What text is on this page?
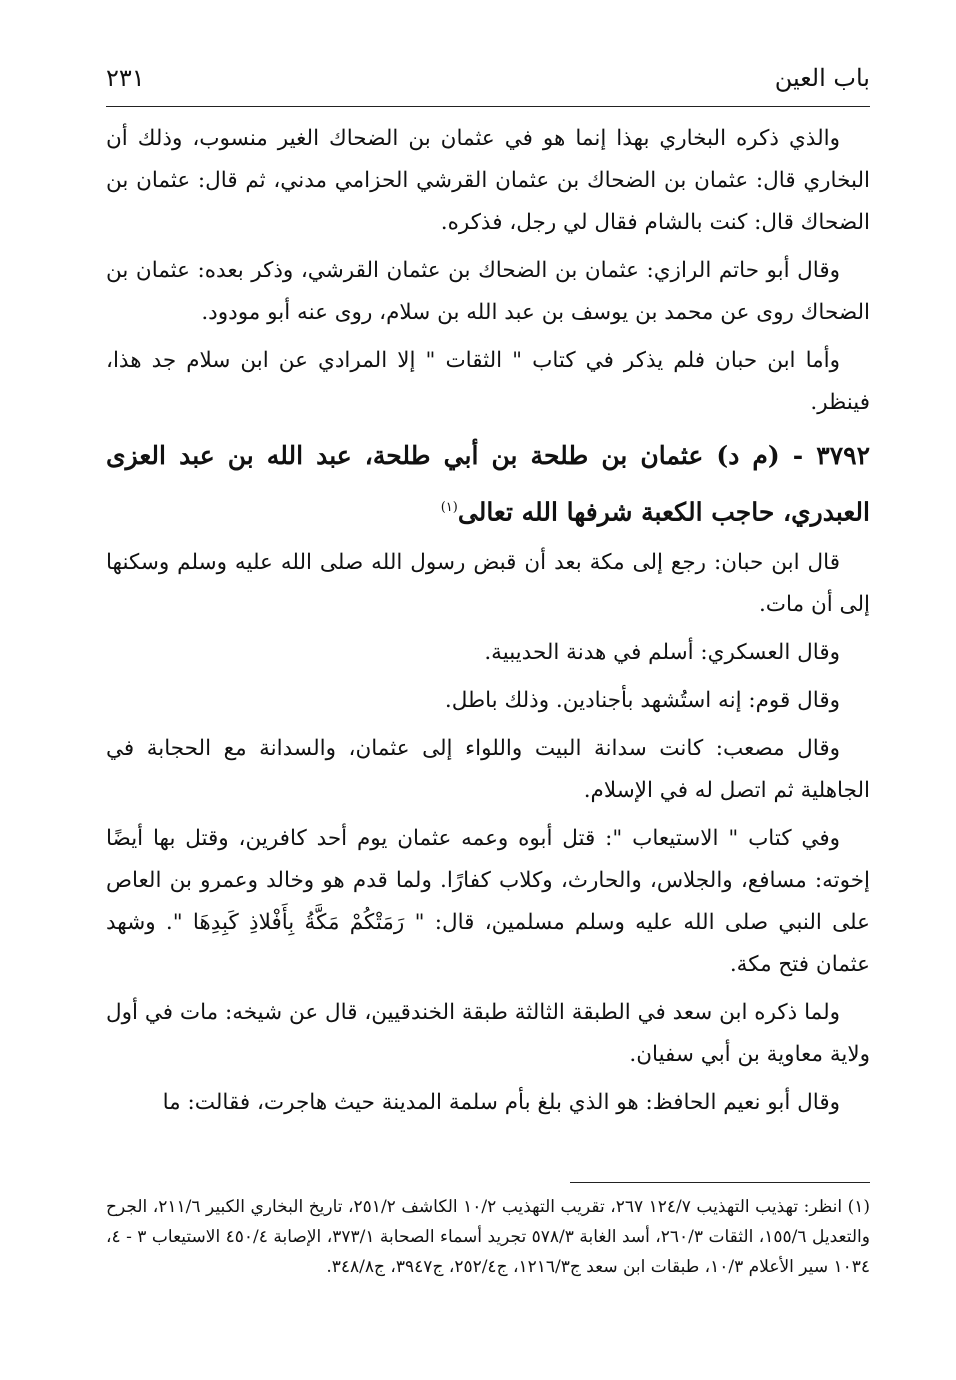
باب العين
٢٣١

والذي ذكره البخاري بهذا إنما هو في عثمان بن الضحاك الغير منسوب، وذلك أن البخاري قال: عثمان بن الضحاك بن عثمان القرشي الحزامي مدني، ثم قال: عثمان بن الضحاك قال: كنت بالشام فقال لي رجل، فذكره.

وقال أبو حاتم الرازي: عثمان بن الضحاك بن عثمان القرشي، وذكر بعده: عثمان بن الضحاك روى عن محمد بن يوسف بن عبد الله بن سلام، روى عنه أبو مودود.

وأما ابن حبان فلم يذكر في كتاب " الثقات " إلا المرادي عن ابن سلام جد هذا، فينظر.

٣٧٩٢ - (م د) عثمان بن طلحة بن أبي طلحة، عبد الله بن عبد العزى العبدري، حاجب الكعبة شرفها الله تعالى$^{(١)}$

قال ابن حبان: رجع إلى مكة بعد أن قبض رسول الله صلى الله عليه وسلم وسكنها إلى أن مات.

وقال العسكري: أسلم في هدنة الحديبية.

وقال قوم: إنه استُشهد بأجنادين. وذلك باطل.

وقال مصعب: كانت سدانة البيت واللواء إلى عثمان، والسدانة مع الحجابة في الجاهلية ثم اتصل له في الإسلام.

وفي كتاب " الاستيعاب ": قتل أبوه وعمه عثمان يوم أحد كافرين، وقتل بها أيضًا إخوته: مسافع، والجلاس، والحارث، وكلاب كفارًا. ولما قدم هو وخالد وعمرو بن العاص على النبي صلى الله عليه وسلم مسلمين، قال: " رَمَتْكُمْ مَكَّةُ بِأَفْلاذِ كَبِدِهَا ". وشهد عثمان فتح مكة.

ولما ذكره ابن سعد في الطبقة الثالثة طبقة الخندقيين، قال عن شيخه: مات في أول ولاية معاوية بن أبي سفيان.

وقال أبو نعيم الحافظ: هو الذي بلغ بأم سلمة المدينة حيث هاجرت، فقالت: ما

(١) انظر: تهذيب التهذيب ١٢٤/٧ ٢٦٧، تقريب التهذيب ١٠/٢ الكاشف ٢٥١/٢، تاريخ البخاري الكبير ٢١١/٦، الجرح والتعديل ١٥٥/٦، الثقات ٢٦٠/٣، أسد الغابة ٥٧٨/٣ تجريد أسماء الصحابة ٣٧٣/١، الإصابة ٤٥٠/٤ الاستيعاب ٣ - ٤، ١٠٣٤ سير الأعلام ١٠/٣، طبقات ابن سعد ج١٢١٦/٣، ج٢٥٢/٤، ج٣٩٤٧، ج٣٤٨/٨.
